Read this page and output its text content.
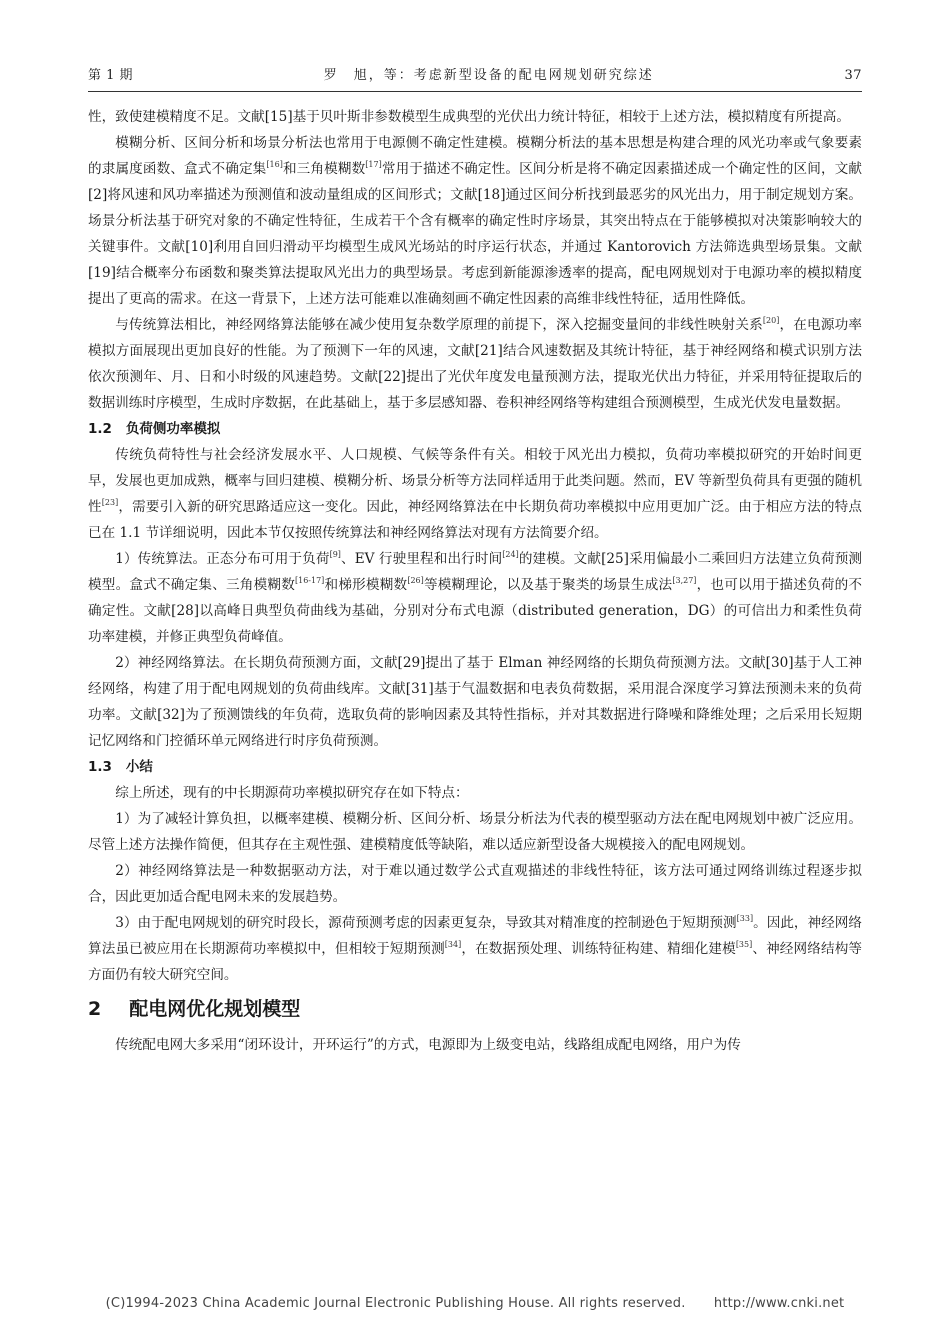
第 1 期	罗　旭，等：考虑新型设备的配电网规划研究综述	37

性，致使建模精度不足。文献[15]基于贝叶斯非参数模型生成典型的光伏出力统计特征，相较于上述方法，模拟精度有所提高。

模糊分析、区间分析和场景分析法也常用于电源侧不确定性建模。模糊分析法的基本思想是构建合理的风光功率或气象要素的隶属度函数、盒式不确定集[16]和三角模糊数[17]常用于描述不确定性。区间分析是将不确定因素描述成一个确定性的区间，文献[2]将风速和风功率描述为预测值和波动量组成的区间形式；文献[18]通过区间分析找到最恶劣的风光出力，用于制定规划方案。场景分析法基于研究对象的不确定性特征，生成若干个含有概率的确定性时序场景，其突出特点在于能够模拟对决策影响较大的关键事件。文献[10]利用自回归滑动平均模型生成风光场站的时序运行状态，并通过 Kantorovich 方法筛选典型场景集。文献[19]结合概率分布函数和聚类算法提取风光出力的典型场景。考虑到新能源渗透率的提高，配电网规划对于电源功率的模拟精度提出了更高的需求。在这一背景下，上述方法可能难以准确刻画不确定性因素的高维非线性特征，适用性降低。

与传统算法相比，神经网络算法能够在减少使用复杂数学原理的前提下，深入挖掘变量间的非线性映射关系[20]，在电源功率模拟方面展现出更加良好的性能。为了预测下一年的风速，文献[21]结合风速数据及其统计特征，基于神经网络和模式识别方法依次预测年、月、日和小时级的风速趋势。文献[22]提出了光伏年度发电量预测方法，提取光伏出力特征，并采用特征提取后的数据训练时序模型，生成时序数据，在此基础上，基于多层感知器、卷积神经网络等构建组合预测模型，生成光伏发电量数据。

1.2 负荷侧功率模拟

传统负荷特性与社会经济发展水平、人口规模、气候等条件有关。相较于风光出力模拟，负荷功率模拟研究的开始时间更早，发展也更加成熟，概率与回归建模、模糊分析、场景分析等方法同样适用于此类问题。然而，EV 等新型负荷具有更强的随机性[23]，需要引入新的研究思路适应这一变化。因此，神经网络算法在中长期负荷功率模拟中应用更加广泛。由于相应方法的特点已在 1.1 节详细说明，因此本节仅按照传统算法和神经网络算法对现有方法简要介绍。

1）传统算法。正态分布可用于负荷[9]、EV 行驶里程和出行时间[24]的建模。文献[25]采用偏最小二乘回归方法建立负荷预测模型。盒式不确定集、三角模糊数[16-17]和梯形模糊数[26]等模糊理论，以及基于聚类的场景生成法[3,27]，也可以用于描述负荷的不确定性。文献[28]以高峰日典型负荷曲线为基础，分别对分布式电源（distributed generation，DG）的可信出力和柔性负荷功率建模，并修正典型负荷峰值。

2）神经网络算法。在长期负荷预测方面，文献[29]提出了基于 Elman 神经网络的长期负荷预测方法。文献[30]基于人工神经网络，构建了用于配电网规划的负荷曲线库。文献[31]基于气温数据和电表负荷数据，采用混合深度学习算法预测未来的负荷功率。文献[32]为了预测馈线的年负荷，选取负荷的影响因素及其特性指标，并对其数据进行降噪和降维处理；之后采用长短期记忆网络和门控循环单元网络进行时序负荷预测。

1.3 小结

综上所述，现有的中长期源荷功率模拟研究存在如下特点：

1）为了减轻计算负担，以概率建模、模糊分析、区间分析、场景分析法为代表的模型驱动方法在配电网规划中被广泛应用。尽管上述方法操作简便，但其存在主观性强、建模精度低等缺陷，难以适应新型设备大规模接入的配电网规划。

2）神经网络算法是一种数据驱动方法，对于难以通过数学公式直观描述的非线性特征，该方法可通过网络训练过程逐步拟合，因此更加适合配电网未来的发展趋势。

3）由于配电网规划的研究时段长，源荷预测考虑的因素更复杂，导致其对精准度的控制逊色于短期预测[33]。因此，神经网络算法虽已被应用在长期源荷功率模拟中，但相较于短期预测[34]，在数据预处理、训练特征构建、精细化建模[35]、神经网络结构等方面仍有较大研究空间。

2 配电网优化规划模型

传统配电网大多采用“闭环设计，开环运行”的方式，电源即为上级变电站，线路组成配电网络，用户为传

(C)1994-2023 China Academic Journal Electronic Publishing House. All rights reserved. http://www.cnki.net
